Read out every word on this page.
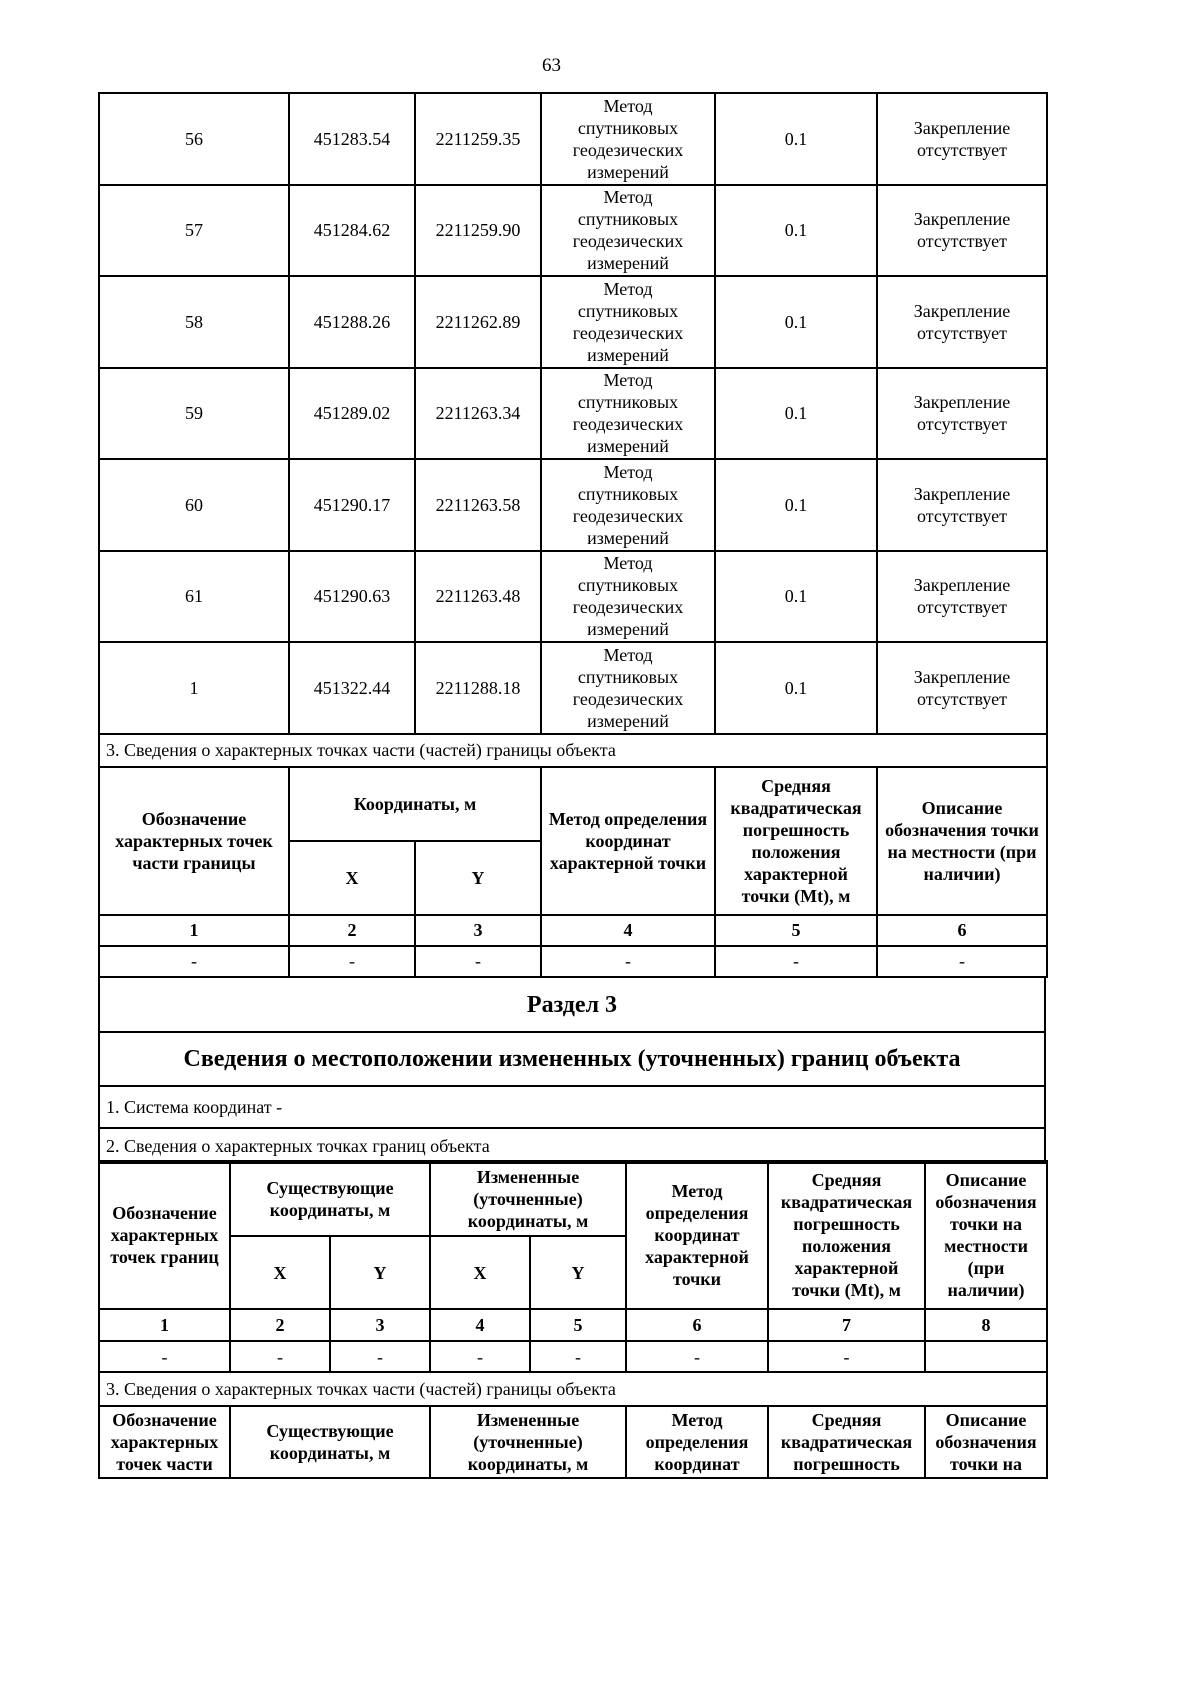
63
56	451283.54	2211259.35	Метод спутниковых геодезических измерений	0.1	Закрепление отсутствует
57	451284.62	2211259.90	Метод спутниковых геодезических измерений	0.1	Закрепление отсутствует
58	451288.26	2211262.89	Метод спутниковых геодезических измерений	0.1	Закрепление отсутствует
59	451289.02	2211263.34	Метод спутниковых геодезических измерений	0.1	Закрепление отсутствует
60	451290.17	2211263.58	Метод спутниковых геодезических измерений	0.1	Закрепление отсутствует
61	451290.63	2211263.48	Метод спутниковых геодезических измерений	0.1	Закрепление отсутствует
1	451322.44	2211288.18	Метод спутниковых геодезических измерений	0.1	Закрепление отсутствует
3. Сведения о характерных точках части (частей) границы объекта					
Обозначение характерных точек части границы	Координаты, м		Метод определения координат характерной точки	Средняя квадратическая погрешность положения характерной точки (Mt), м	Описание обозначения точки на местности (при наличии)
	X	Y			
1	2	3	4	5	6
-	-	-	-	-	-
Раздел 3
Сведения о местоположении измененных (уточненных) границ объекта
1. Система координат -
2. Сведения о характерных точках границ объекта
Обозначение характерных точек границ	Существующие координаты, м		Измененные (уточненные) координаты, м		Метод определения координат характерной точки	Средняя квадратическая погрешность положения характерной точки (Mt), м	Описание обозначения точки на местности (при наличии)
	X	Y	X	Y			
1	2	3	4	5	6	7	8
-	-	-	-	-	-	-	
3. Сведения о характерных точках части (частей) границы объекта							
Обозначение характерных точек части	Существующие координаты, м		Измененные (уточненные) координаты, м		Метод определения координат	Средняя квадратическая погрешность	Описание обозначения точки на
